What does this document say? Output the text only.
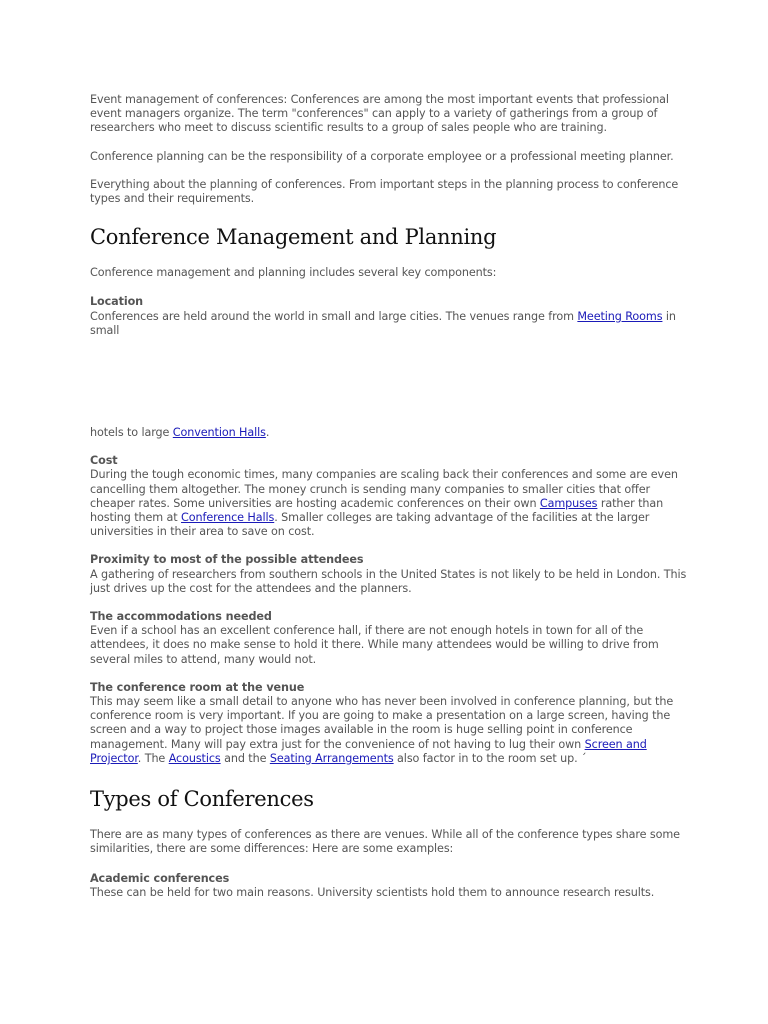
Event management of conferences: Conferences are among the most important events that professional event managers organize. The term "conferences" can apply to a variety of gatherings from a group of researchers who meet to discuss scientific results to a group of sales people who are training.

Conference planning can be the responsibility of a corporate employee or a professional meeting planner.

Everything about the planning of conferences. From important steps in the planning process to conference types and their requirements.

Conference Management and Planning

Conference management and planning includes several key components:

Location
Conferences are held around the world in small and large cities. The venues range from Meeting Rooms in small

hotels to large Convention Halls.

Cost
During the tough economic times, many companies are scaling back their conferences and some are even cancelling them altogether. The money crunch is sending many companies to smaller cities that offer cheaper rates. Some universities are hosting academic conferences on their own Campuses rather than hosting them at Conference Halls. Smaller colleges are taking advantage of the facilities at the larger universities in their area to save on cost.

Proximity to most of the possible attendees
A gathering of researchers from southern schools in the United States is not likely to be held in London. This just drives up the cost for the attendees and the planners.

The accommodations needed
Even if a school has an excellent conference hall, if there are not enough hotels in town for all of the attendees, it does no make sense to hold it there. While many attendees would be willing to drive from several miles to attend, many would not.

The conference room at the venue
This may seem like a small detail to anyone who has never been involved in conference planning, but the conference room is very important. If you are going to make a presentation on a large screen, having the screen and a way to project those images available in the room is huge selling point in conference management. Many will pay extra just for the convenience of not having to lug their own Screen and Projector. The Acoustics and the Seating Arrangements also factor in to the room set up. ´

Types of Conferences

There are as many types of conferences as there are venues. While all of the conference types share some similarities, there are some differences: Here are some examples:

Academic conferences
These can be held for two main reasons. University scientists hold them to announce research results.
